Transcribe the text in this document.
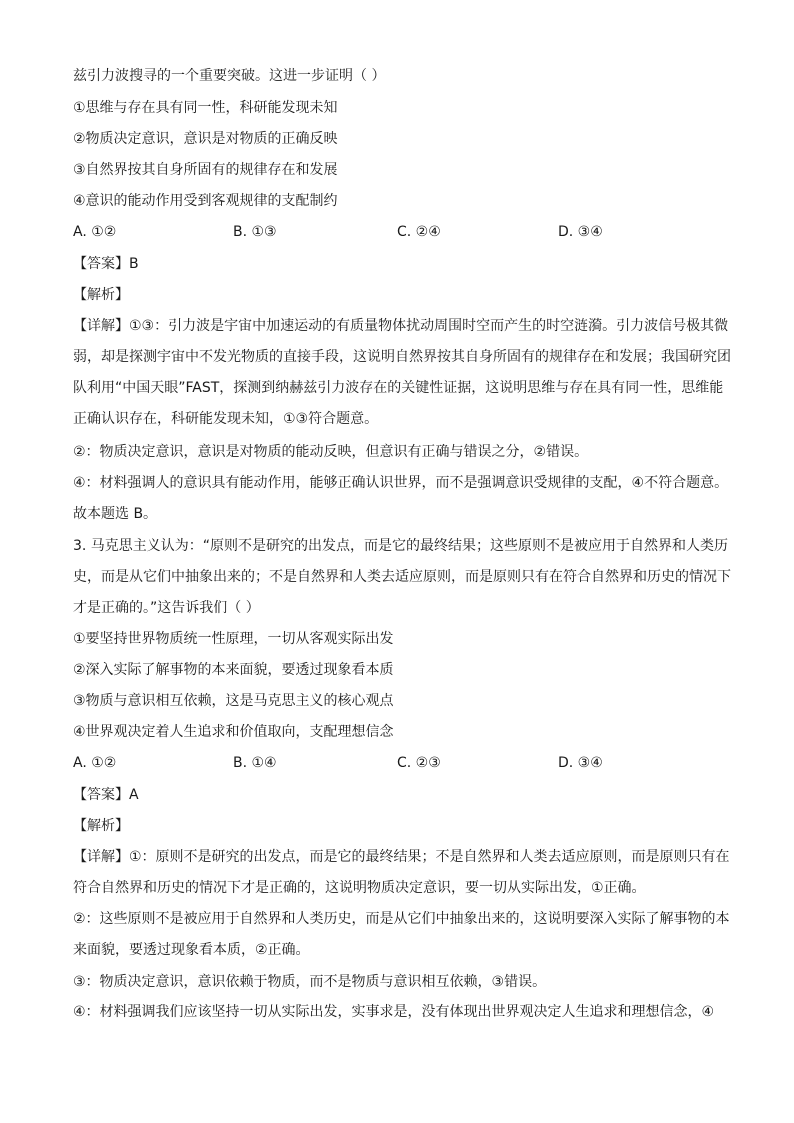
兹引力波搜寻的一个重要突破。这进一步证明（ ）
①思维与存在具有同一性，科研能发现未知
②物质决定意识，意识是对物质的正确反映
③自然界按其自身所固有的规律存在和发展
④意识的能动作用受到客观规律的支配制约
A. ①②	B. ①③	C. ②④	D. ③④
【答案】B
【解析】
【详解】①③：引力波是宇宙中加速运动的有质量物体扰动周围时空而产生的时空涟漪。引力波信号极其微弱，却是探测宇宙中不发光物质的直接手段，这说明自然界按其自身所固有的规律存在和发展；我国研究团队利用“中国天眼”FAST，探测到纳赫兹引力波存在的关键性证据，这说明思维与存在具有同一性，思维能正确认识存在，科研能发现未知，①③符合题意。
②：物质决定意识，意识是对物质的能动反映，但意识有正确与错误之分，②错误。
④：材料强调人的意识具有能动作用，能够正确认识世界，而不是强调意识受规律的支配，④不符合题意。
故本题选 B。
3. 马克思主义认为：“原则不是研究的出发点，而是它的最终结果；这些原则不是被应用于自然界和人类历史，而是从它们中抽象出来的；不是自然界和人类去适应原则，而是原则只有在符合自然界和历史的情况下才是正确的。”这告诉我们（ ）
①要坚持世界物质统一性原理，一切从客观实际出发
②深入实际了解事物的本来面貌，要透过现象看本质
③物质与意识相互依赖，这是马克思主义的核心观点
④世界观决定着人生追求和价值取向，支配理想信念
A. ①②	B. ①④	C. ②③	D. ③④
【答案】A
【解析】
【详解】①：原则不是研究的出发点，而是它的最终结果；不是自然界和人类去适应原则，而是原则只有在符合自然界和历史的情况下才是正确的，这说明物质决定意识，要一切从实际出发，①正确。
②：这些原则不是被应用于自然界和人类历史，而是从它们中抽象出来的，这说明要深入实际了解事物的本来面貌，要透过现象看本质，②正确。
③：物质决定意识，意识依赖于物质，而不是物质与意识相互依赖，③错误。
④：材料强调我们应该坚持一切从实际出发，实事求是，没有体现出世界观决定人生追求和理想信念，④
